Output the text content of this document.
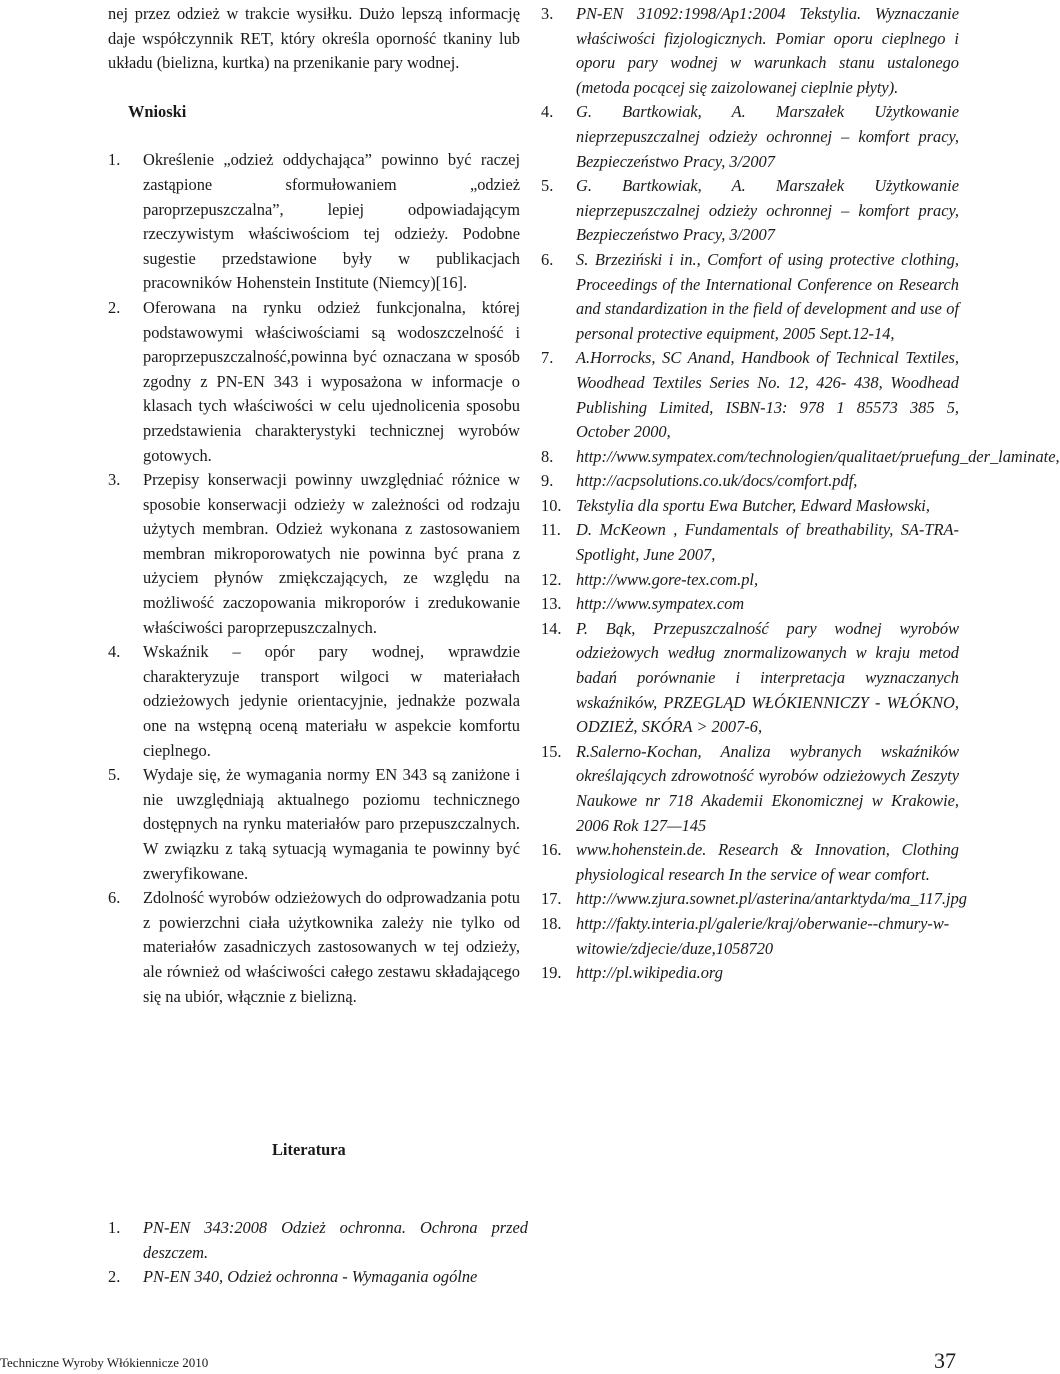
nej przez odzież w trakcie wysiłku. Dużo lepszą informację daje współczynnik RET, który określa oporność tkaniny lub układu (bielizna, kurtka) na przenikanie pary wodnej.

Wnioski

1. Określenie „odzież oddychająca” powinno być raczej zastąpione sformułowaniem „odzież paroprzepuszczalna”, lepiej odpowiadającym rzeczywistym właściwościom tej odzieży. Podobne sugestie przedstawione były w publikacjach pracowników Hohenstein Institute (Niemcy)[16].
2. Oferowana na rynku odzież funkcjonalna, której podstawowymi właściwościami są wodoszczelność i paroprzepuszczalność,powinna być oznaczana w sposób zgodny z PN-EN 343 i wyposażona w informacje o klasach tych właściwości w celu ujednolicenia sposobu przedstawienia charakterystyki technicznej wyrobów gotowych.
3. Przepisy konserwacji powinny uwzględniać różnice w sposobie konserwacji odzieży w zależności od rodzaju użytych membran. Odzież wykonana z zastosowaniem membran mikroporowatych nie powinna być prana z użyciem płynów zmiękczających, ze względu na możliwość zaczopowania mikroporów i zredukowanie właściwości paroprzepuszczalnych.
4. Wskaźnik – opór pary wodnej, wprawdzie charakteryzuje transport wilgoci w materiałach odzieżowych jedynie orientacyjnie, jednakże pozwala one na wstępną oceną materiału w aspekcie komfortu cieplnego.
5. Wydaje się, że wymagania normy EN 343 są zaniżone i nie uwzględniają aktualnego poziomu technicznego dostępnych na rynku materiałów paro przepuszczalnych. W związku z taką sytuacją wymagania te powinny być zweryfikowane.
6. Zdolność wyrobów odzieżowych do odprowadzania potu z powierzchni ciała użytkownika zależy nie tylko od materiałów zasadniczych zastosowanych w tej odzieży, ale również od właściwości całego zestawu składającego się na ubiór, włącznie z bielizną.
3. PN-EN 31092:1998/Ap1:2004 Tekstylia. Wyznaczanie właściwości fizjologicznych. Pomiar oporu cieplnego i oporu pary wodnej w warunkach stanu ustalonego (metoda pocącej się zaizolowanej cieplnie płyty).
4. G. Bartkowiak, A. Marszałek Użytkowanie nieprzepuszczalnej odzieży ochronnej – komfort pracy, Bezpieczeństwo Pracy, 3/2007
5. G. Bartkowiak, A. Marszałek Użytkowanie nieprzepuszczalnej odzieży ochronnej – komfort pracy, Bezpieczeństwo Pracy, 3/2007
6. S. Brzeziński i in., Comfort of using protective clothing, Proceedings of the International Conference on Research and standardization in the field of development and use of personal protective equipment, 2005 Sept.12-14,
7. A.Horrocks, SC Anand, Handbook of Technical Textiles, Woodhead Textiles Series No. 12, 426- 438, Woodhead Publishing Limited, ISBN-13: 978 1 85573 385 5, October 2000,
8. http://www.sympatex.com/technologien/qualitaet/pruefung_der_laminate,
9. http://acpsolutions.co.uk/docs/comfort.pdf,
10. Tekstylia dla sportu Ewa Butcher, Edward Masłowski,
11. D. McKeown , Fundamentals of breathability, SA-TRA-Spotlight, June 2007,
12. http://www.gore-tex.com.pl,
13. http://www.sympatex.com
14. P. Bąk, Przepuszczalność pary wodnej wyrobów odzieżowych według znormalizowanych w kraju metod badań porównanie i interpretacja wyznaczanych wskaźników, PRZEGLĄD WŁÓKIENNICZY - WŁÓKNO, ODZIEŻ, SKÓRA > 2007-6,
15. R.Salerno-Kochan, Analiza wybranych wskaźników określających zdrowotność wyrobów odzieżowych Zeszyty Naukowe nr 718 Akademii Ekonomicznej w Krakowie, 2006 Rok 127—145
16. www.hohenstein.de. Research & Innovation, Clothing physiological research In the service of wear comfort.
17. http://www.zjura.sownet.pl/asterina/antarktyda/ma_117.jpg
18. http://fakty.interia.pl/galerie/kraj/oberwanie--chmury-w-witowie/zdjecie/duze,1058720
19. http://pl.wikipedia.org
Literatura
1. PN-EN 343:2008 Odzież ochronna. Ochrona przed deszczem.
2. PN-EN 340, Odzież ochronna - Wymagania ogólne
Techniczne Wyroby Włókiennicze 2010	37
